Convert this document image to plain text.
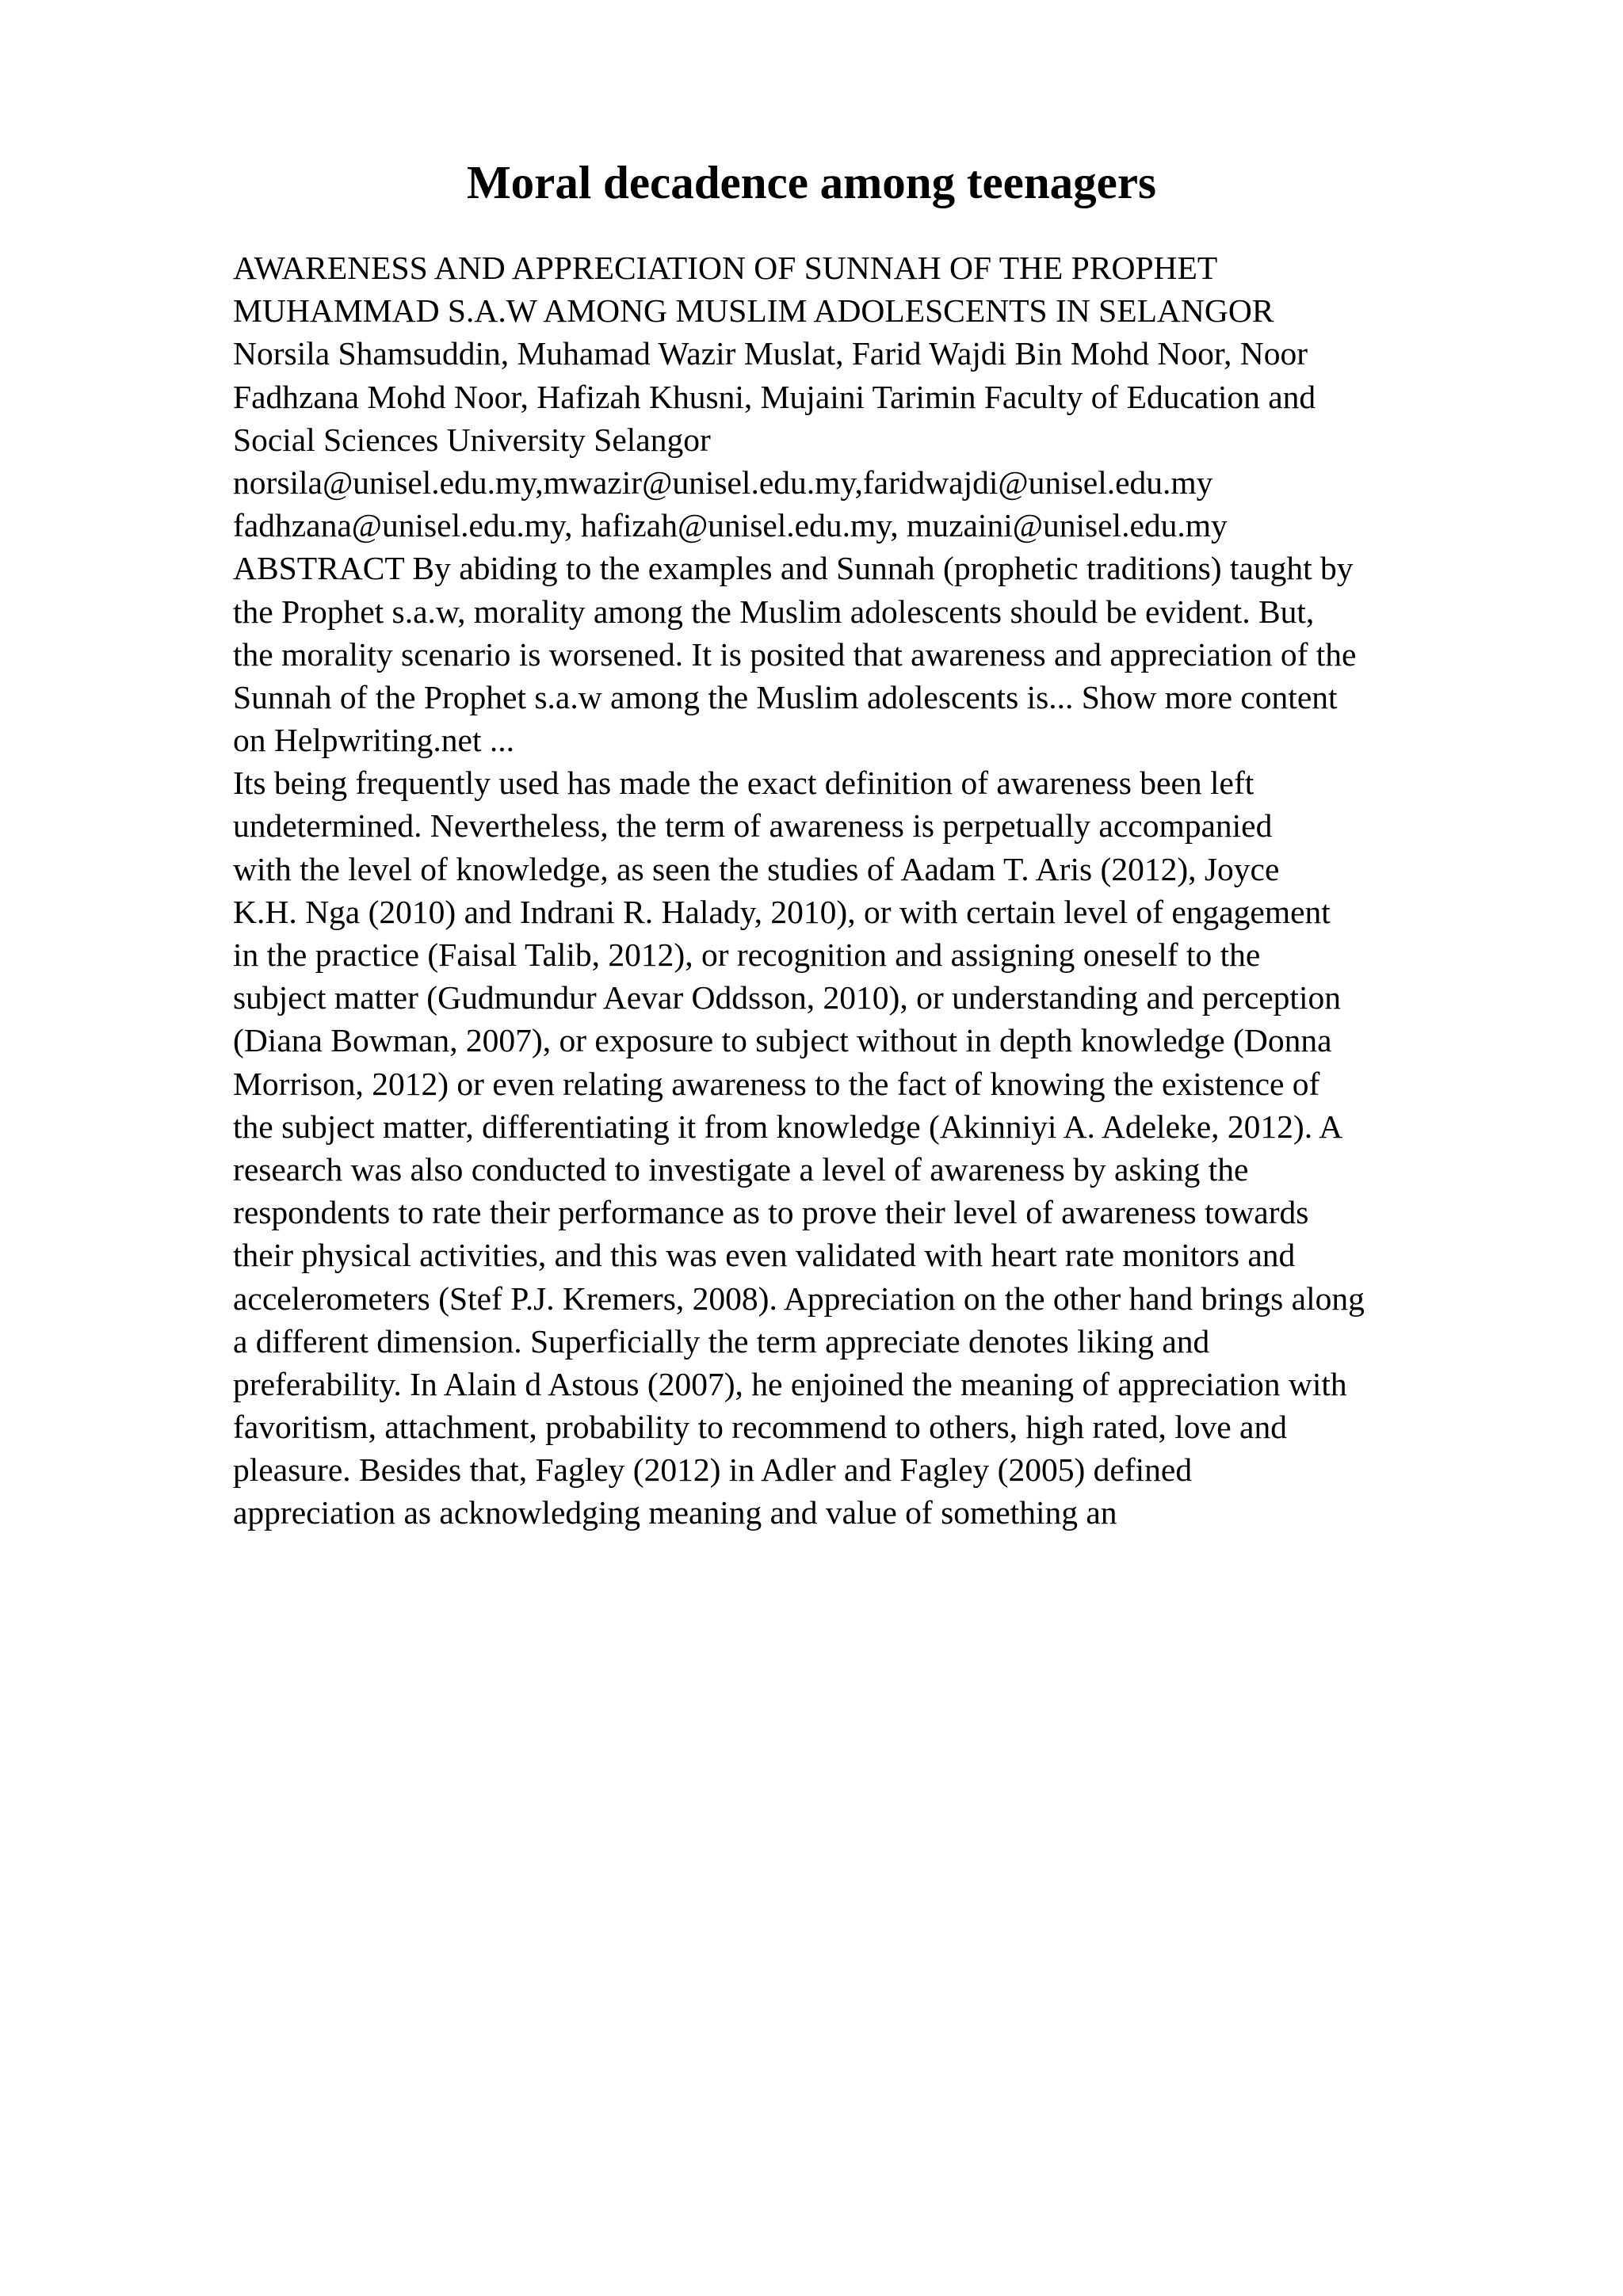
Moral decadence among teenagers
AWARENESS AND APPRECIATION OF SUNNAH OF THE PROPHET
MUHAMMAD S.A.W AMONG MUSLIM ADOLESCENTS IN SELANGOR
Norsila Shamsuddin, Muhamad Wazir Muslat, Farid Wajdi Bin Mohd Noor, Noor
Fadhzana Mohd Noor, Hafizah Khusni, Mujaini Tarimin Faculty of Education and
Social Sciences University Selangor
norsila@unisel.edu.my,mwazir@unisel.edu.my,faridwajdi@unisel.edu.my
fadhzana@unisel.edu.my, hafizah@unisel.edu.my, muzaini@unisel.edu.my
ABSTRACT By abiding to the examples and Sunnah (prophetic traditions) taught by
the Prophet s.a.w, morality among the Muslim adolescents should be evident. But,
the morality scenario is worsened. It is posited that awareness and appreciation of the
Sunnah of the Prophet s.a.w among the Muslim adolescents is... Show more content
on Helpwriting.net ...
Its being frequently used has made the exact definition of awareness been left
undetermined. Nevertheless, the term of awareness is perpetually accompanied
with the level of knowledge, as seen the studies of Aadam T. Aris (2012), Joyce
K.H. Nga (2010) and Indrani R. Halady, 2010), or with certain level of engagement
in the practice (Faisal Talib, 2012), or recognition and assigning oneself to the
subject matter (Gudmundur Aevar Oddsson, 2010), or understanding and perception
(Diana Bowman, 2007), or exposure to subject without in depth knowledge (Donna
Morrison, 2012) or even relating awareness to the fact of knowing the existence of
the subject matter, differentiating it from knowledge (Akinniyi A. Adeleke, 2012). A
research was also conducted to investigate a level of awareness by asking the
respondents to rate their performance as to prove their level of awareness towards
their physical activities, and this was even validated with heart rate monitors and
accelerometers (Stef P.J. Kremers, 2008). Appreciation on the other hand brings along
a different dimension. Superficially the term appreciate denotes liking and
preferability. In Alain d Astous (2007), he enjoined the meaning of appreciation with
favoritism, attachment, probability to recommend to others, high rated, love and
pleasure. Besides that, Fagley (2012) in Adler and Fagley (2005) defined
appreciation as acknowledging meaning and value of something an
